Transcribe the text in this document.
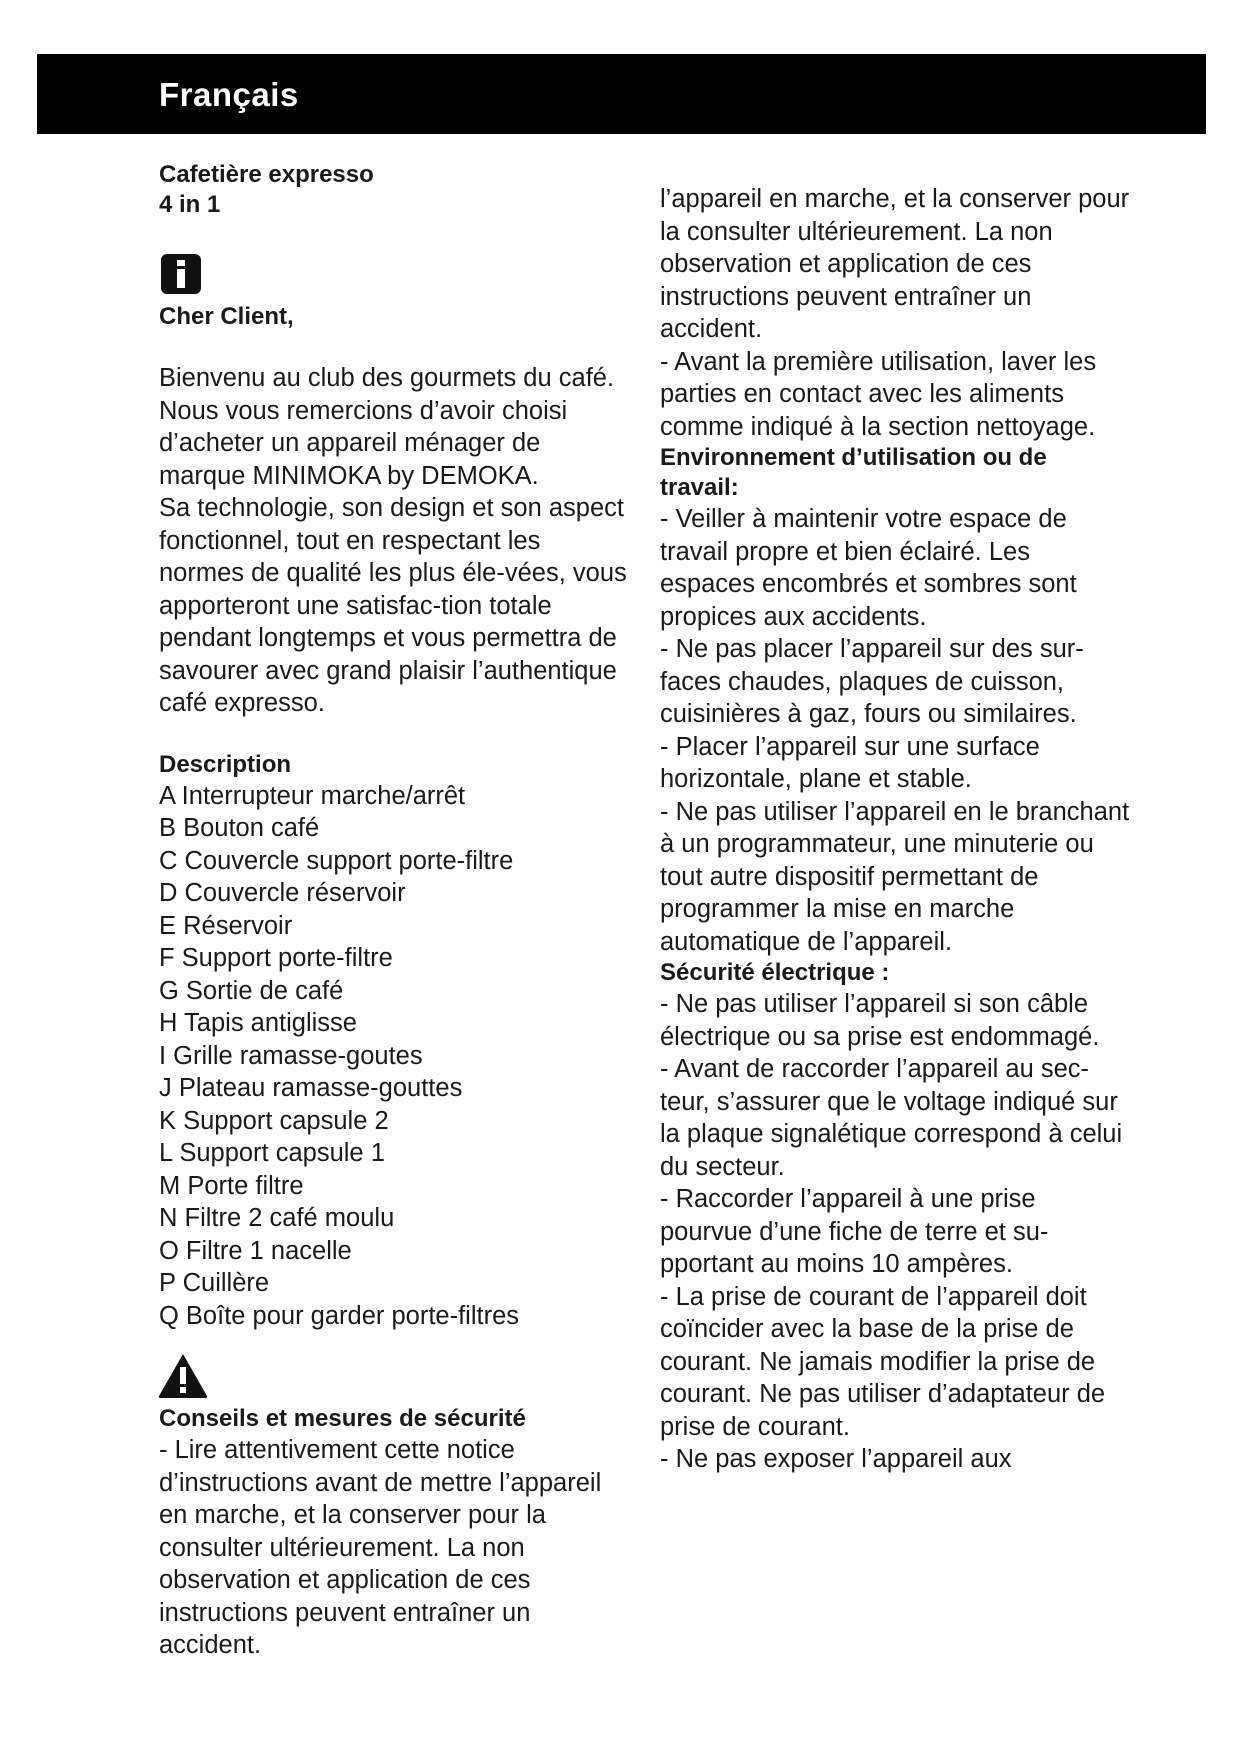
Français
Cafetière expresso
4 in 1
Cher Client,

Bienvenu au club des gourmets du café.

Nous vous remercions d’avoir choisi d’acheter un appareil ménager de marque MINIMOKA by DEMOKA.

Sa technologie, son design et son aspect fonctionnel, tout en respectant les normes de qualité les plus éle-vées, vous apporteront une satisfac-tion totale pendant longtemps et vous permettra de savourer avec grand plaisir l’authentique café expresso.

Description
A Interrupteur marche/arrêt
B Bouton café
C Couvercle support porte-filtre
D Couvercle réservoir
E Réservoir
F Support porte-filtre
G Sortie de café
H Tapis antiglisse
I Grille ramasse-goutes
J Plateau ramasse-gouttes
K Support capsule 2
L Support capsule 1
M Porte filtre
N Filtre 2 café moulu
O Filtre 1 nacelle
P Cuillère
Q Boîte pour garder porte-filtres
Conseils et mesures de sécurité

- Lire attentivement cette notice d’instructions avant de mettre l’appareil en marche, et la conserver pour la consulter ultérieurement. La non observation et application de ces instructions peuvent entraîner un accident.

l’appareil en marche, et la conserver pour la consulter ultérieurement. La non observation et application de ces instructions peuvent entraîner un accident.

- Avant la première utilisation, laver les parties en contact avec les aliments comme indiqué à la section nettoyage.

Environnement d’utilisation ou de travail:

- Veiller à maintenir votre espace de travail propre et bien éclairé. Les espaces encombrés et sombres sont propices aux accidents.

- Ne pas placer l’appareil sur des sur-faces chaudes, plaques de cuisson, cuisinières à gaz, fours ou similaires.

- Placer l’appareil sur une surface horizontale, plane et stable.

- Ne pas utiliser l’appareil en le branchant à un programmateur, une minuterie ou tout autre dispositif permettant de programmer la mise en marche automatique de l’appareil.

Sécurité électrique :

- Ne pas utiliser l’appareil si son câble électrique ou sa prise est endommagé.

- Avant de raccorder l’appareil au sec-teur, s’assurer que le voltage indiqué sur la plaque signalétique correspond à celui du secteur.

- Raccorder l’appareil à une prise pourvue d’une fiche de terre et su-pportant au moins 10 ampères.

- La prise de courant de l’appareil doit coïncider avec la base de la prise de courant. Ne jamais modifier la prise de courant. Ne pas utiliser d’adaptateur de prise de courant.

- Ne pas exposer l’appareil aux
